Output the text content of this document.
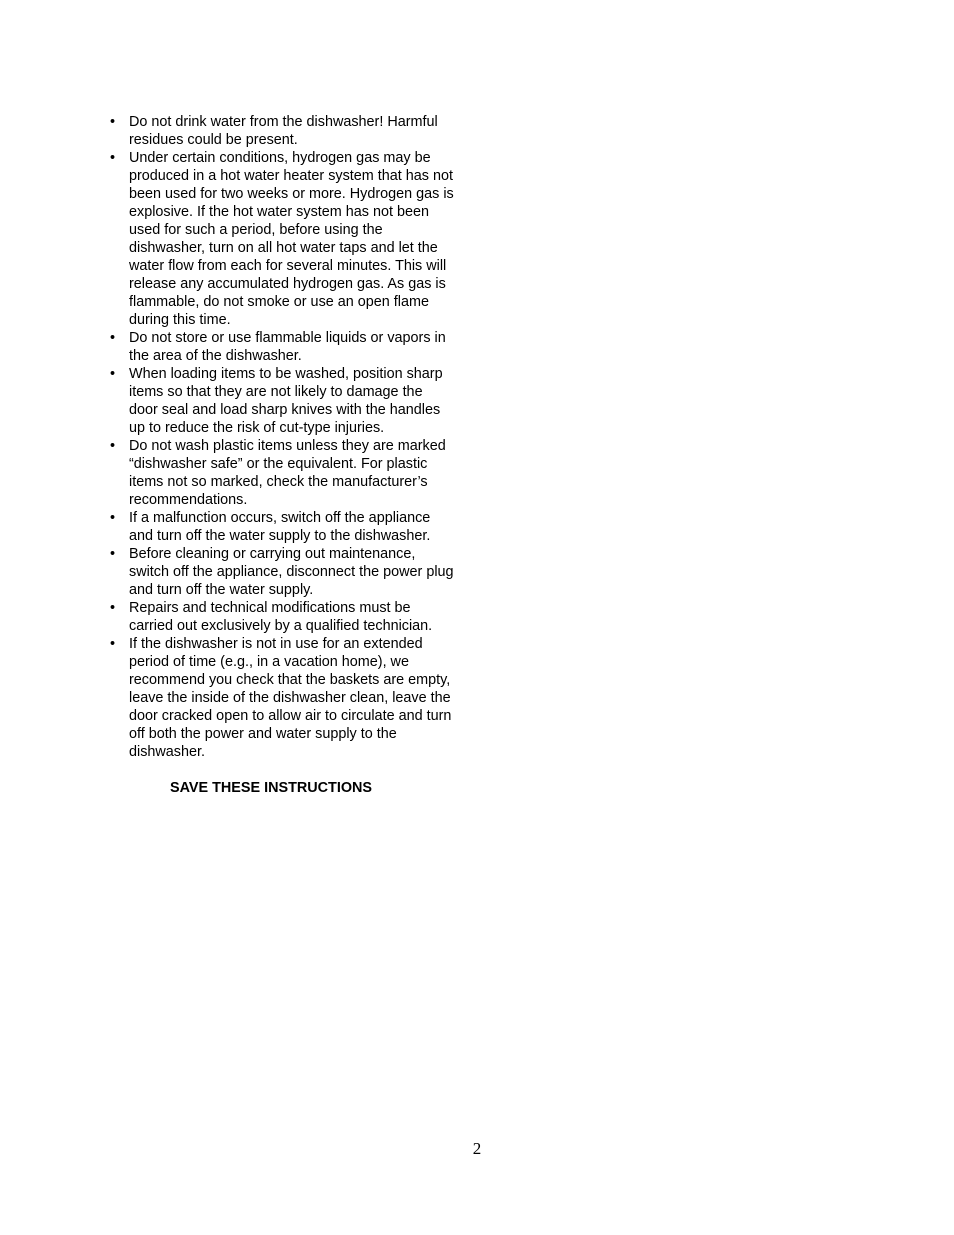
• Do not drink water from the dishwasher! Harmful residues could be present.
• Under certain conditions, hydrogen gas may be produced in a hot water heater system that has not been used for two weeks or more. Hydrogen gas is explosive. If the hot water system has not been used for such a period, before using the dishwasher, turn on all hot water taps and let the water flow from each for several minutes. This will release any accumulated hydrogen gas. As gas is flammable, do not smoke or use an open flame during this time.
• Do not store or use flammable liquids or vapors in the area of the dishwasher.
• When loading items to be washed, position sharp items so that they are not likely to damage the door seal and load sharp knives with the handles up to reduce the risk of cut-type injuries.
• Do not wash plastic items unless they are marked “dishwasher safe” or the equivalent. For plastic items not so marked, check the manufacturer’s recommendations.
• If a malfunction occurs, switch off the appliance and turn off the water supply to the dishwasher.
• Before cleaning or carrying out maintenance, switch off the appliance, disconnect the power plug and turn off the water supply.
• Repairs and technical modifications must be carried out exclusively by a qualified technician.
• If the dishwasher is not in use for an extended period of time (e.g., in a vacation home), we recommend you check that the baskets are empty, leave the inside of the dishwasher clean, leave the door cracked open to allow air to circulate and turn off both the power and water supply to the dishwasher.
SAVE THESE INSTRUCTIONS
2
